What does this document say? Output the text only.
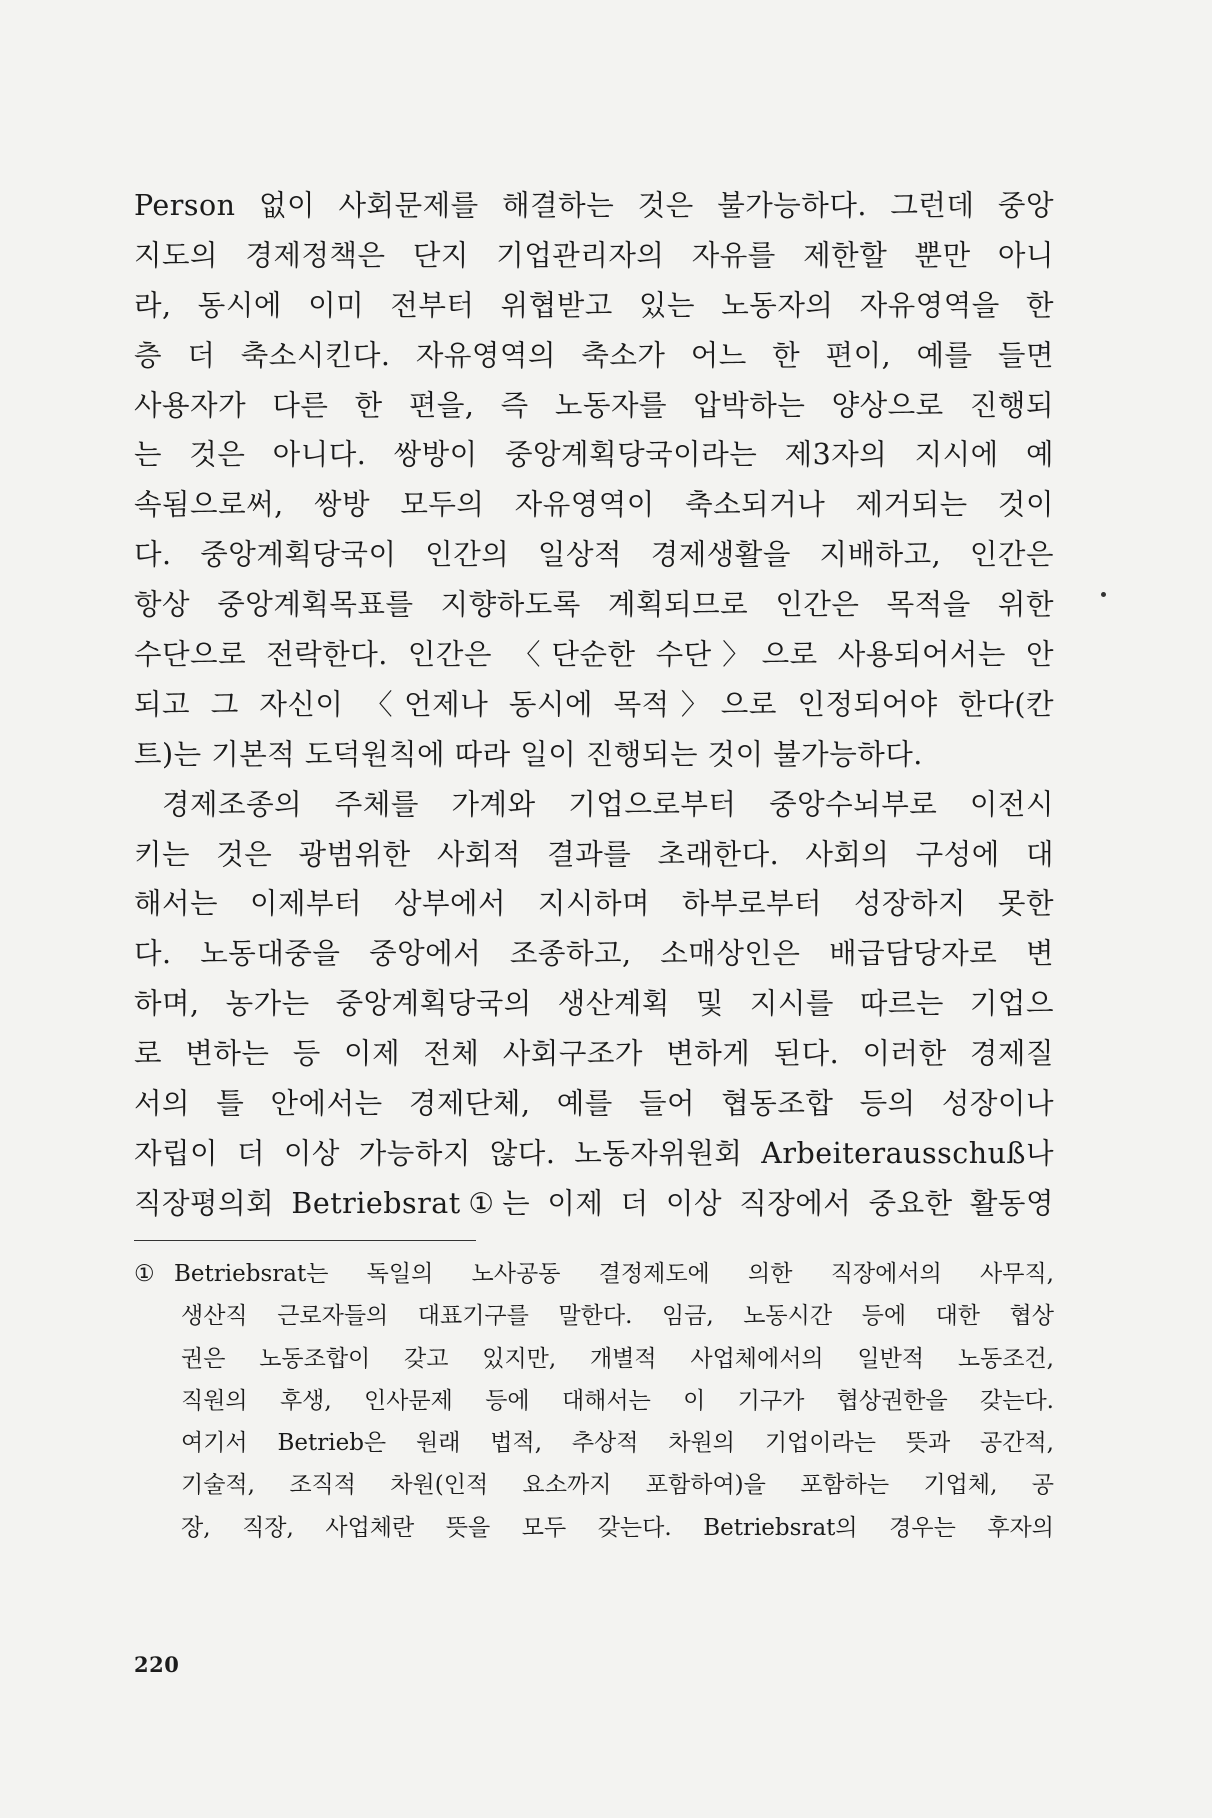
Person 없이 사회문제를 해결하는 것은 불가능하다. 그런데 중앙
지도의 경제정책은 단지 기업관리자의 자유를 제한할 뿐만 아니
라, 동시에 이미 전부터 위협받고 있는 노동자의 자유영역을 한
층 더 축소시킨다. 자유영역의 축소가 어느 한 편이, 예를 들면
사용자가 다른 한 편을, 즉 노동자를 압박하는 양상으로 진행되
는 것은 아니다. 쌍방이 중앙계획당국이라는 제3자의 지시에 예
속됨으로써, 쌍방 모두의 자유영역이 축소되거나 제거되는 것이
다. 중앙계획당국이 인간의 일상적 경제생활을 지배하고, 인간은
항상 중앙계획목표를 지향하도록 계획되므로 인간은 목적을 위한
수단으로 전락한다. 인간은 〈단순한 수단〉으로 사용되어서는 안
되고 그 자신이 〈언제나 동시에 목적〉으로 인정되어야 한다(칸
트)는 기본적 도덕원칙에 따라 일이 진행되는 것이 불가능하다.
경제조종의 주체를 가계와 기업으로부터 중앙수뇌부로 이전시
키는 것은 광범위한 사회적 결과를 초래한다. 사회의 구성에 대
해서는 이제부터 상부에서 지시하며 하부로부터 성장하지 못한
다. 노동대중을 중앙에서 조종하고, 소매상인은 배급담당자로 변
하며, 농가는 중앙계획당국의 생산계획 및 지시를 따르는 기업으
로 변하는 등 이제 전체 사회구조가 변하게 된다. 이러한 경제질
서의 틀 안에서는 경제단체, 예를 들어 협동조합 등의 성장이나
자립이 더 이상 가능하지 않다. 노동자위원회 Arbeiterausschuß나
직장평의회 Betriebsrat①는 이제 더 이상 직장에서 중요한 활동영
① Betriebsrat는 독일의 노사공동 결정제도에 의한 직장에서의 사무직,
생산직 근로자들의 대표기구를 말한다. 임금, 노동시간 등에 대한 협상
권은 노동조합이 갖고 있지만, 개별적 사업체에서의 일반적 노동조건,
직원의 후생, 인사문제 등에 대해서는 이 기구가 협상권한을 갖는다.
여기서 Betrieb은 원래 법적, 추상적 차원의 기업이라는 뜻과 공간적,
기술적, 조직적 차원(인적 요소까지 포함하여)을 포함하는 기업체, 공
장, 직장, 사업체란 뜻을 모두 갖는다. Betriebsrat의 경우는 후자의
220
